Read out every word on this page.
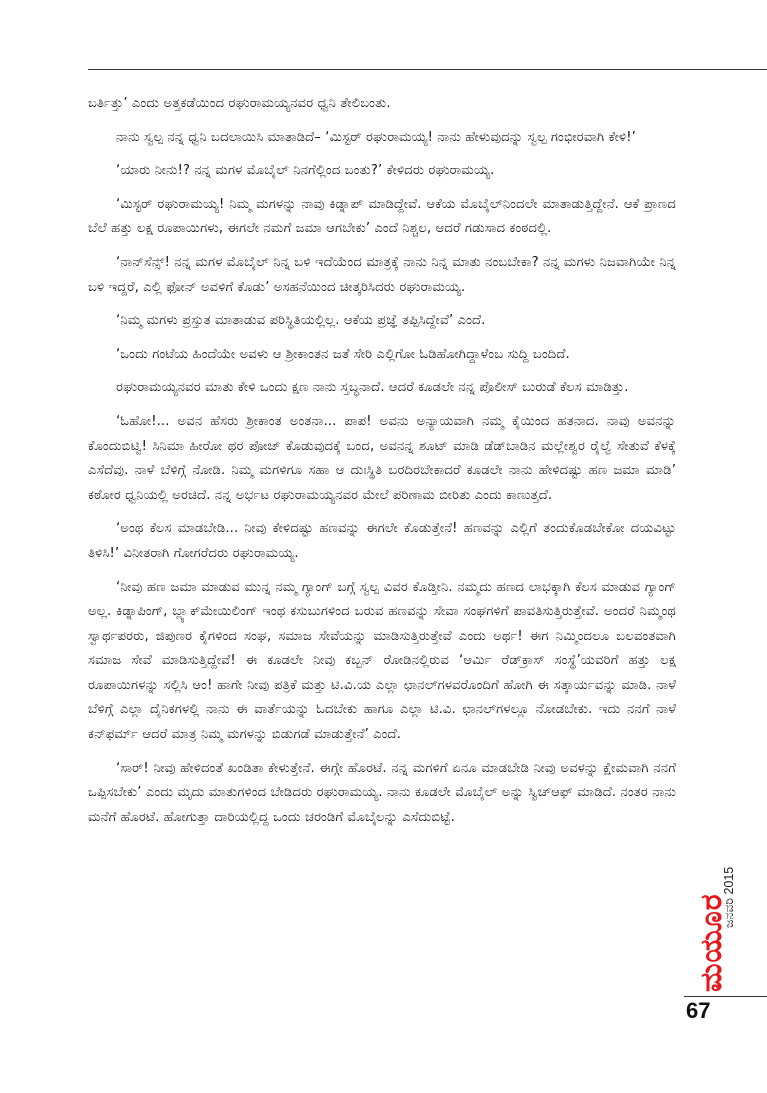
ಬರ್ತಿತ್ತು’ ಎಂದು ಅತ್ತಕಡೆಯಿಂದ ರಘುರಾಮಯ್ಯನವರ ಧ್ವನಿ ತೇಲಿಬಂತು.

ನಾನು ಸ್ವಲ್ಪ ನನ್ನ ಧ್ವನಿ ಬದಲಾಯಿಸಿ ಮಾತಾಡಿದೆ– ‘ಮಿಸ್ಟರ್ ರಘುರಾಮಯ್ಯ! ನಾನು ಹೇಳುವುದನ್ನು ಸ್ವಲ್ಪ ಗಂಭೀರವಾಗಿ ಕೇಳಿ!’

‘ಯಾರು ನೀನು!? ನನ್ನ ಮಗಳ ಮೊಬೈಲ್ ನಿನಗೆಲ್ಲಿಂದ ಬಂತು?’ ಕೇಳಿದರು ರಘುರಾಮಯ್ಯ.

‘ಮಿಸ್ಟರ್ ರಘುರಾಮಯ್ಯ! ನಿಮ್ಮ ಮಗಳನ್ನು ನಾವು ಕಿಡ್ನಾಪ್ ಮಾಡಿದ್ದೇವೆ. ಆಕೆಯ ಮೊಬೈಲ್‌ನಿಂದಲೇ ಮಾತಾಡುತ್ತಿದ್ದೇನೆ. ಆಕೆ ಪ್ರಾಣದ ಬೆಲೆ ಹತ್ತು ಲಕ್ಷ ರೂಪಾಯಿಗಳು, ಈಗಲೇ ನಮಗೆ ಜಮಾ ಆಗಬೇಕು’ ಎಂದೆ ನಿಶ್ಚಲ, ಆದರೆ ಗಡುಸಾದ ಕಂಠದಲ್ಲಿ.

‘ನಾನ್‌ಸೆನ್ಸ್! ನನ್ನ ಮಗಳ ಮೊಬೈಲ್ ನಿನ್ನ ಬಳಿ ಇದೆಯೆಂದ ಮಾತ್ರಕ್ಕೆ ನಾನು ನಿನ್ನ ಮಾತು ನಂಬಬೇಕಾ? ನನ್ನ ಮಗಳು ನಿಜವಾಗಿಯೇ ನಿನ್ನ ಬಳಿ ಇದ್ದರೆ, ಎಲ್ಲಿ ಫೋನ್ ಅವಳಿಗೆ ಕೊಡು’ ಅಸಹನೆಯಿಂದ ಚೀತ್ಕರಿಸಿದರು ರಘುರಾಮಯ್ಯ.

‘ನಿಮ್ಮ ಮಗಳು ಪ್ರಸ್ತುತ ಮಾತಾಡುವ ಪರಿಸ್ಥಿತಿಯಲ್ಲಿಲ್ಲ. ಆಕೆಯ ಪ್ರಜ್ಞೆ ತಪ್ಪಿಸಿದ್ದೇವೆ’ ಎಂದೆ.

‘ಒಂದು ಗಂಟೆಯ ಹಿಂದೆಯೇ ಅವಳು ಆ ಶ್ರೀಕಾಂತನ ಜತೆ ಸೇರಿ ಎಲ್ಲಿಗೋ ಓಡಿಹೋಗಿದ್ದಾಳೆಂಬ ಸುದ್ದಿ ಬಂದಿದೆ.

ರಘುರಾಮಯ್ಯನವರ ಮಾತು ಕೇಳಿ ಒಂದು ಕ್ಷಣ ನಾನು ಸ್ತಬ್ಧನಾದೆ. ಆದರೆ ಕೂಡಲೇ ನನ್ನ ಪೊಲೀಸ್ ಬುರುಡೆ ಕೆಲಸ ಮಾಡಿತ್ತು.

‘ಓಹೋ!... ಅವನ ಹೆಸರು ಶ್ರೀಕಾಂತ ಅಂತನಾ... ಪಾಪ! ಅವನು ಅನ್ಯಾಯವಾಗಿ ನಮ್ಮ ಕೈಯಿಂದ ಹತನಾದ. ನಾವು ಅವನನ್ನು ಕೊಂದುಬಿಟ್ವಿ! ಸಿನಿಮಾ ಹೀರೋ ಥರ ಪೋಜ್ ಕೊಡುವುದಕ್ಕೆ ಬಂದ, ಅವನನ್ನ ಶೂಟ್ ಮಾಡಿ ಡೆಡ್‌ಬಾಡಿನ ಮಲ್ಲೇಶ್ವರ ರೈಲ್ವೆ ಸೇತುವೆ ಕೆಳಕ್ಕೆ ಎಸೆದೆವು. ನಾಳೆ ಬೆಳಿಗ್ಗೆ ನೋಡಿ. ನಿಮ್ಮ ಮಗಳಿಗೂ ಸಹಾ ಆ ದುಃಸ್ಥಿತಿ ಬರದಿರಬೇಕಾದರೆ ಕೂಡಲೇ ನಾನು ಹೇಳಿದಷ್ಟು ಹಣ ಜಮಾ ಮಾಡಿ’ ಕಠೋರ ಧ್ವನಿಯಲ್ಲಿ ಅರಚಿದೆ. ನನ್ನ ಅರ್ಭಟ ರಘುರಾಮಯ್ಯನವರ ಮೇಲೆ ಪರಿಣಾಮ ಬೀರಿತು ಎಂದು ಕಾಣುತ್ತದೆ.

‘ಅಂಥ ಕೆಲಸ ಮಾಡಬೇಡಿ... ನೀವು ಕೇಳಿದಷ್ಟು ಹಣವನ್ನು ಈಗಲೇ ಕೊಡುತ್ತೇನೆ! ಹಣವನ್ನು ಎಲ್ಲಿಗೆ ತಂದುಕೊಡಬೇಕೋ ದಯವಿಟ್ಟು ತಿಳಿಸಿ!’ ವಿನೀತರಾಗಿ ಗೋಗರೆದರು ರಘುರಾಮಯ್ಯ.

‘ನೀವು ಹಣ ಜಮಾ ಮಾಡುವ ಮುನ್ನ ನಮ್ಮ ಗ್ಯಾಂಗ್ ಬಗ್ಗೆ ಸ್ವಲ್ಪ ವಿವರ ಕೊಡ್ತೀನಿ. ನಮ್ಮದು ಹಣದ ಲಾಭಕ್ಕಾಗಿ ಕೆಲಸ ಮಾಡುವ ಗ್ಯಾಂಗ್ ಅಲ್ಲ. ಕಿಡ್ನಾಪಿಂಗ್, ಬ್ಲ್ಯಾಕ್‌ಮೇಯಿಲಿಂಗ್ ಇಂಥ ಕಸುಬುಗಳಿಂದ ಬರುವ ಹಣವನ್ನು ಸೇವಾ ಸಂಘಗಳಿಗೆ ಪಾವತಿಸುತ್ತಿರುತ್ತೇವೆ. ಅಂದರೆ ನಿಮ್ಮಂಥ ಸ್ವಾರ್ಥಪರರು, ಜಿಪುಣರ ಕೈಗಳಿಂದ ಸಂಘ, ಸಮಾಜ ಸೇವೆಯನ್ನು ಮಾಡಿಸುತ್ತಿರುತ್ತೇವೆ ಎಂದು ಅರ್ಥ! ಈಗ ನಿಮ್ಮಿಂದಲೂ ಬಲವಂತವಾಗಿ ಸಮಾಜ ಸೇವೆ ಮಾಡಿಸುತ್ತಿದ್ದೇವೆ! ಈ ಕೂಡಲೇ ನೀವು ಕಬ್ಬನ್ ರೋಡಿನಲ್ಲಿರುವ ‘ಆರ್ಮಿ ರೆಡ್‌ಕ್ರಾಸ್ ಸಂಸ್ಥೆ’ಯವರಿಗೆ ಹತ್ತು ಲಕ್ಷ ರೂಪಾಯಿಗಳನ್ನು ಸಲ್ಲಿಸಿ ಆಂ! ಹಾಗೇ ನೀವು ಪತ್ರಿಕೆ ಮತ್ತು ಟಿ.ವಿ.ಯ ಎಲ್ಲಾ ಛಾನಲ್‌ಗಳವರೊಂದಿಗೆ ಹೋಗಿ ಈ ಸತ್ಕಾರ್ಯವನ್ನು ಮಾಡಿ. ನಾಳೆ ಬೆಳಿಗ್ಗೆ ಎಲ್ಲಾ ದೈನಿಕಗಳಲ್ಲಿ ನಾನು ಈ ವಾರ್ತೆಯನ್ನು ಓದಬೇಕು ಹಾಗೂ ಎಲ್ಲಾ ಟಿ.ವಿ. ಛಾನಲ್‌ಗಳಲ್ಲೂ ನೋಡಬೇಕು. ಇದು ನನಗೆ ನಾಳೆ ಕನ್‌ಫರ್ಮ್ ಆದರೆ ಮಾತ್ರ ನಿಮ್ಮ ಮಗಳನ್ನು ಬಿಡುಗಡೆ ಮಾಡುತ್ತೇನೆ’ ಎಂದೆ.

‘ಸಾರ್! ನೀವು ಹೇಳಿದಂತೆ ಖಂಡಿತಾ ಕೇಳುತ್ತೇನೆ. ಈಗ್ಗೇ ಹೊರಟೆ. ನನ್ನ ಮಗಳಿಗೆ ಏನೂ ಮಾಡಬೇಡಿ ನೀವು ಅವಳನ್ನು ಕ್ಷೇಮವಾಗಿ ನನಗೆ ಒಪ್ಪಿಸಬೇಕು’ ಎಂದು ಮೃದು ಮಾತುಗಳಿಂದ ಬೇಡಿದರು ರಘುರಾಮಯ್ಯ. ನಾನು ಕೂಡಲೇ ಮೊಬೈಲ್ ಅನ್ನು ಸ್ವಿಚ್‌ಆಫ್ ಮಾಡಿದೆ. ನಂತರ ನಾನು ಮನೆಗೆ ಹೊರಟೆ. ಹೋಗುತ್ತಾ ದಾರಿಯಲ್ಲಿದ್ದ ಒಂದು ಚರಂಡಿಗೆ ಮೊಬೈಲನ್ನು ಎಸೆದುಬಿಟ್ಟೆ.

ಮಯೂರ
ಜನವರಿ 2015
67
